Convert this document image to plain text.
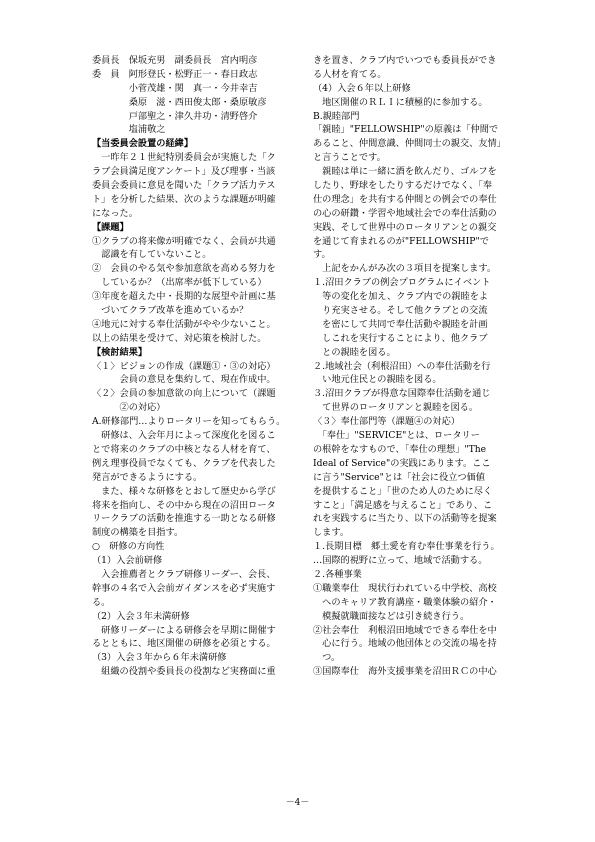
委員長　保坂充男　副委員長　宮内明彦
委　員　阿形登氏・松野正一・春日政志
　　　　小菅茂雄・関　真一・今井幸吉
　　　　桑原　滋・西田俊太郎・桑原敏彦
　　　　戸部聖之・津久井功・清野啓介
　　　　塩浦敬之
【当委員会設置の経緯】
　一昨年２１世紀特別委員会が実施した「ク
ラブ会員満足度アンケート」及び理事・当該
委員会委員に意見を聞いた「クラブ活力テス
ト」を分析した結果、次のような課題が明確
になった。
【課題】
①クラブの将来像が明確でなく、会員が共通
　認識を有していないこと。
②　会員のやる気や参加意欲を高める努力を
　しているか？（出席率が低下している）
③年度を超えた中・長期的な展望や計画に基
　づいてクラブ改革を進めているか？
④地元に対する奉仕活動がやや少ないこと。
以上の結果を受けて、対応策を検討した。
【検討結果】
〈１〉ビジョンの作成（課題①・③の対応）
　　　会員の意見を集約して、現在作成中。
〈２〉会員の参加意欲の向上について（課題
　　　②の対応）
A.研修部門…よりロータリーを知ってもらう。
　研修は、入会年月によって深度化を図るこ
とで将来のクラブの中核となる人材を育て、
例え理事役員でなくても、クラブを代表した
発言ができるようにする。
　また、様々な研修をとおして歴史から学び
将来を指向し、その中から現在の沼田ロータ
リークラブの活動を推進する一助となる研修
制度の構築を目指す。
○　研修の方向性
（1）入会前研修
　入会推薦者とクラブ研修リーダー、会長、
幹事の４名で入会前ガイダンスを必ず実施す
る。
（2）入会３年未満研修
　研修リーダーによる研修会を早期に開催す
るとともに、地区開催の研修を必須とする。
（3）入会３年から６年未満研修
　組織の役割や委員長の役割など実務面に重
きを置き、クラブ内でいつでも委員長ができ
る人材を育てる。
（4）入会６年以上研修
　地区開催のＲＬＩに積極的に参加する。
B.親睦部門
「親睦」"FELLOWSHIP"の原義は「仲間で
あること、仲間意識、仲間同士の親交、友情」
と言うことです。
　親睦は単に一緒に酒を飲んだり、ゴルフを
したり、野球をしたりするだけでなく、「奉
仕の理念」を共有する仲間との例会での奉仕
の心の研鑽・学習や地域社会での奉仕活動の
実践、そして世界中のロータリアンとの親交
を通じて育まれるのが"FELLOWSHIP"で
す。
　上記をかんがみ次の３項目を提案します。
１.沼田クラブの例会プログラムにイベント
　等の変化を加え、クラブ内での親睦をよ
　り充実させる。そして他クラブとの交流
　を密にして共同で奉仕活動や親睦を計画
　しこれを実行することにより、他クラブ
　との親睦を図る。
２.地域社会（利根沼田）への奉仕活動を行
　い地元住民との親睦を図る。
３.沼田クラブが得意な国際奉仕活動を通じ
　て世界のロータリアンと親睦を図る。
〈３〉奉仕部門等（課題④の対応）
　「奉仕」"SERVICE"とは、ロータリー
の根幹をなすもので、「奉仕の理想」"The
Ideal of Service"の実践にあります。ここ
に言う"Service"とは「社会に役立つ価値
を提供すること」「世のため人のために尽く
すこと」「満足感を与えること」であり、こ
れを実践するに当たり、以下の活動等を提案
します。
１.長期目標　郷土愛を育む奉仕事業を行う。
…国際的視野に立って、地域で活動する。
２.各種事業
①職業奉仕　現状行われている中学校、高校
　へのキャリア教育講座・職業体験の紹介・
　模擬就職面接などは引き続き行う。
②社会奉仕　利根沼田地域でできる奉仕を中
　心に行う。地域の他団体との交流の場を持
　つ。
③国際奉仕　海外支援事業を沼田ＲＣの中心
－4－
